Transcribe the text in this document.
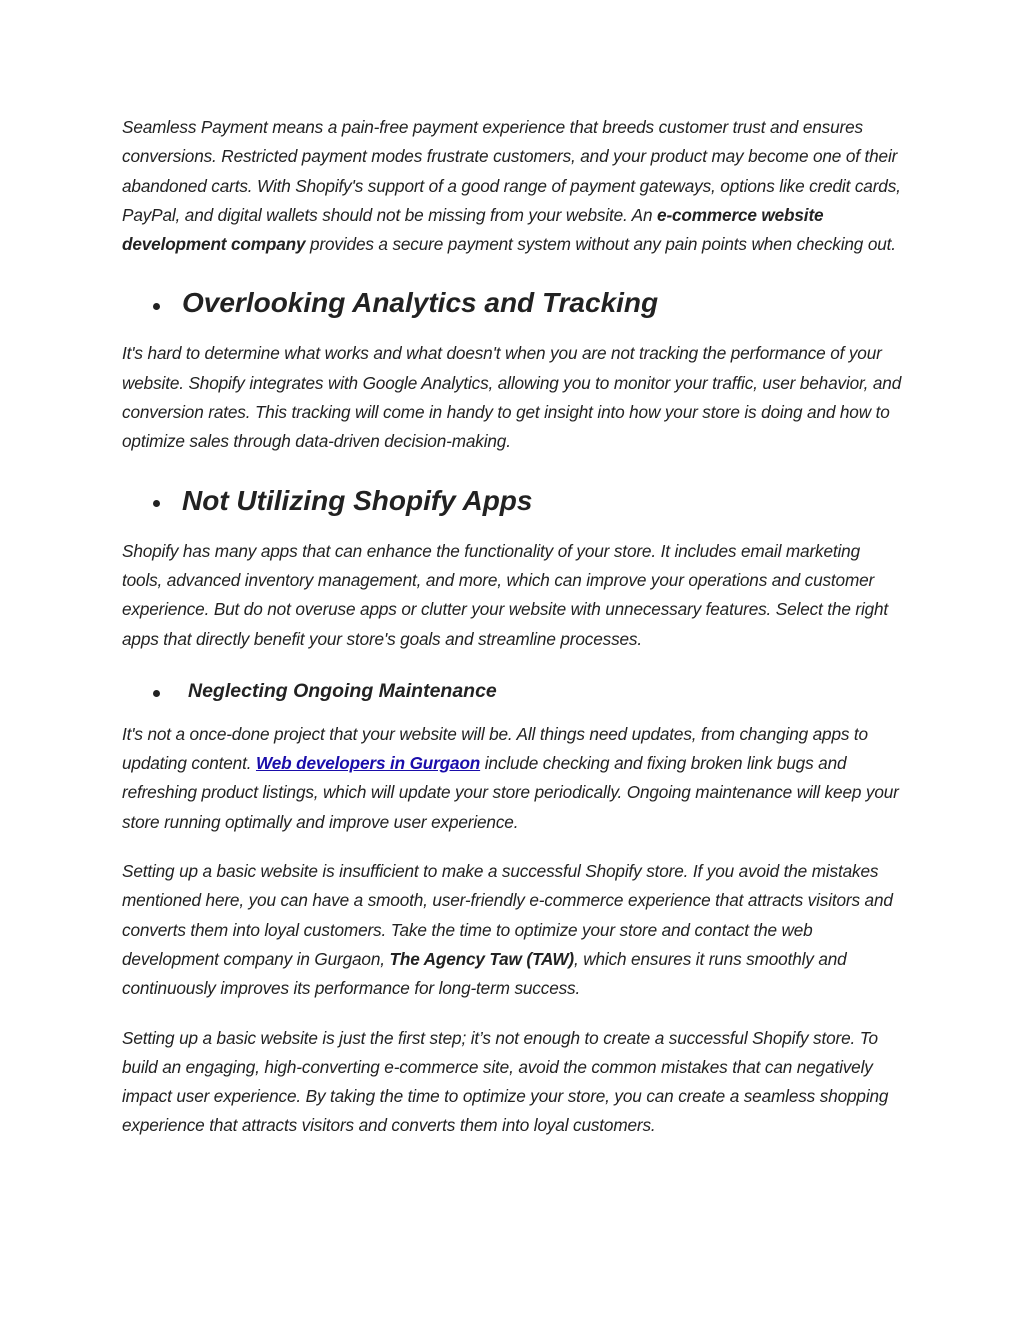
Seamless Payment means a pain-free payment experience that breeds customer trust and ensures conversions. Restricted payment modes frustrate customers, and your product may become one of their abandoned carts. With Shopify's support of a good range of payment gateways, options like credit cards, PayPal, and digital wallets should not be missing from your website. An e-commerce website development company provides a secure payment system without any pain points when checking out.

Overlooking Analytics and Tracking

It's hard to determine what works and what doesn't when you are not tracking the performance of your website. Shopify integrates with Google Analytics, allowing you to monitor your traffic, user behavior, and conversion rates. This tracking will come in handy to get insight into how your store is doing and how to optimize sales through data-driven decision-making.

Not Utilizing Shopify Apps

Shopify has many apps that can enhance the functionality of your store. It includes email marketing tools, advanced inventory management, and more, which can improve your operations and customer experience. But do not overuse apps or clutter your website with unnecessary features. Select the right apps that directly benefit your store's goals and streamline processes.

Neglecting Ongoing Maintenance

It's not a once-done project that your website will be. All things need updates, from changing apps to updating content. Web developers in Gurgaon include checking and fixing broken link bugs and refreshing product listings, which will update your store periodically. Ongoing maintenance will keep your store running optimally and improve user experience.

Setting up a basic website is insufficient to make a successful Shopify store. If you avoid the mistakes mentioned here, you can have a smooth, user-friendly e-commerce experience that attracts visitors and converts them into loyal customers. Take the time to optimize your store and contact the web development company in Gurgaon, The Agency Taw (TAW), which ensures it runs smoothly and continuously improves its performance for long-term success.

Setting up a basic website is just the first step; it’s not enough to create a successful Shopify store. To build an engaging, high-converting e-commerce site, avoid the common mistakes that can negatively impact user experience. By taking the time to optimize your store, you can create a seamless shopping experience that attracts visitors and converts them into loyal customers.
